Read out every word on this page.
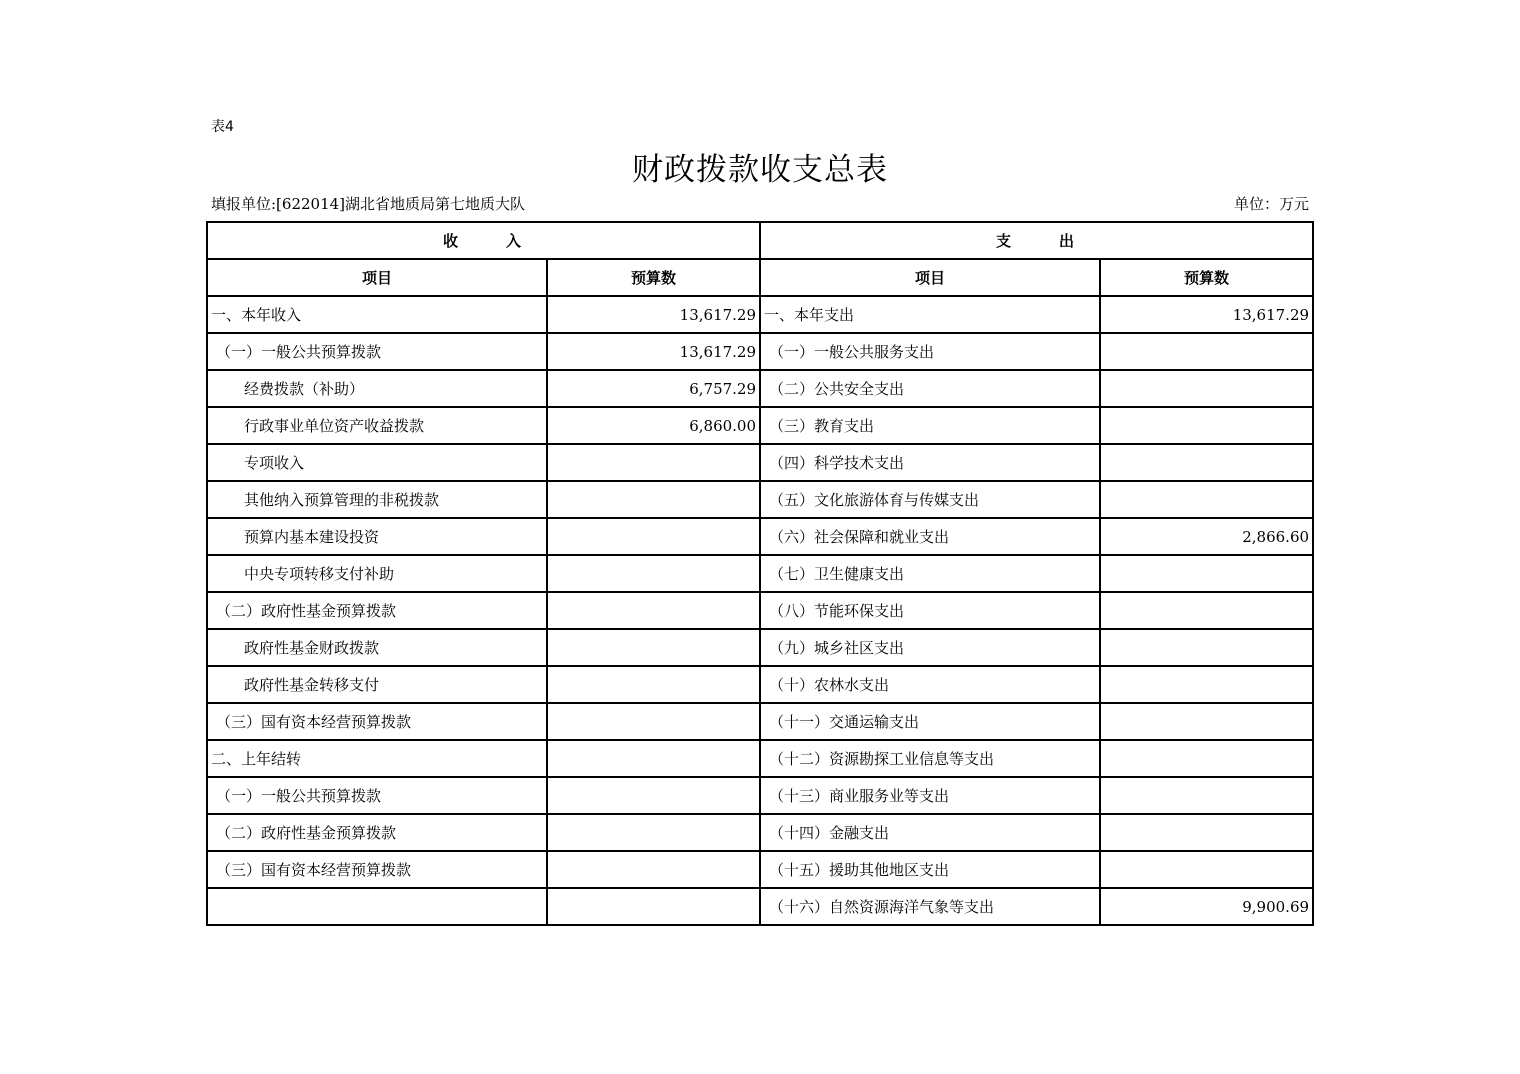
表4
财政拨款收支总表
填报单位:[622014]湖北省地质局第七地质大队	单位：万元
收入		支出	
项目	预算数	项目	预算数
一、本年收入	13,617.29	一、本年支出	13,617.29
（一）一般公共预算拨款	13,617.29	（一）一般公共服务支出	
经费拨款（补助）	6,757.29	（二）公共安全支出	
行政事业单位资产收益拨款	6,860.00	（三）教育支出	
专项收入		（四）科学技术支出	
其他纳入预算管理的非税拨款		（五）文化旅游体育与传媒支出	
预算内基本建设投资		（六）社会保障和就业支出	2,866.60
中央专项转移支付补助		（七）卫生健康支出	
（二）政府性基金预算拨款		（八）节能环保支出	
政府性基金财政拨款		（九）城乡社区支出	
政府性基金转移支付		（十）农林水支出	
（三）国有资本经营预算拨款		（十一）交通运输支出	
二、上年结转		（十二）资源勘探工业信息等支出	
（一）一般公共预算拨款		（十三）商业服务业等支出	
（二）政府性基金预算拨款		（十四）金融支出	
（三）国有资本经营预算拨款		（十五）援助其他地区支出	
		（十六）自然资源海洋气象等支出	9,900.69
